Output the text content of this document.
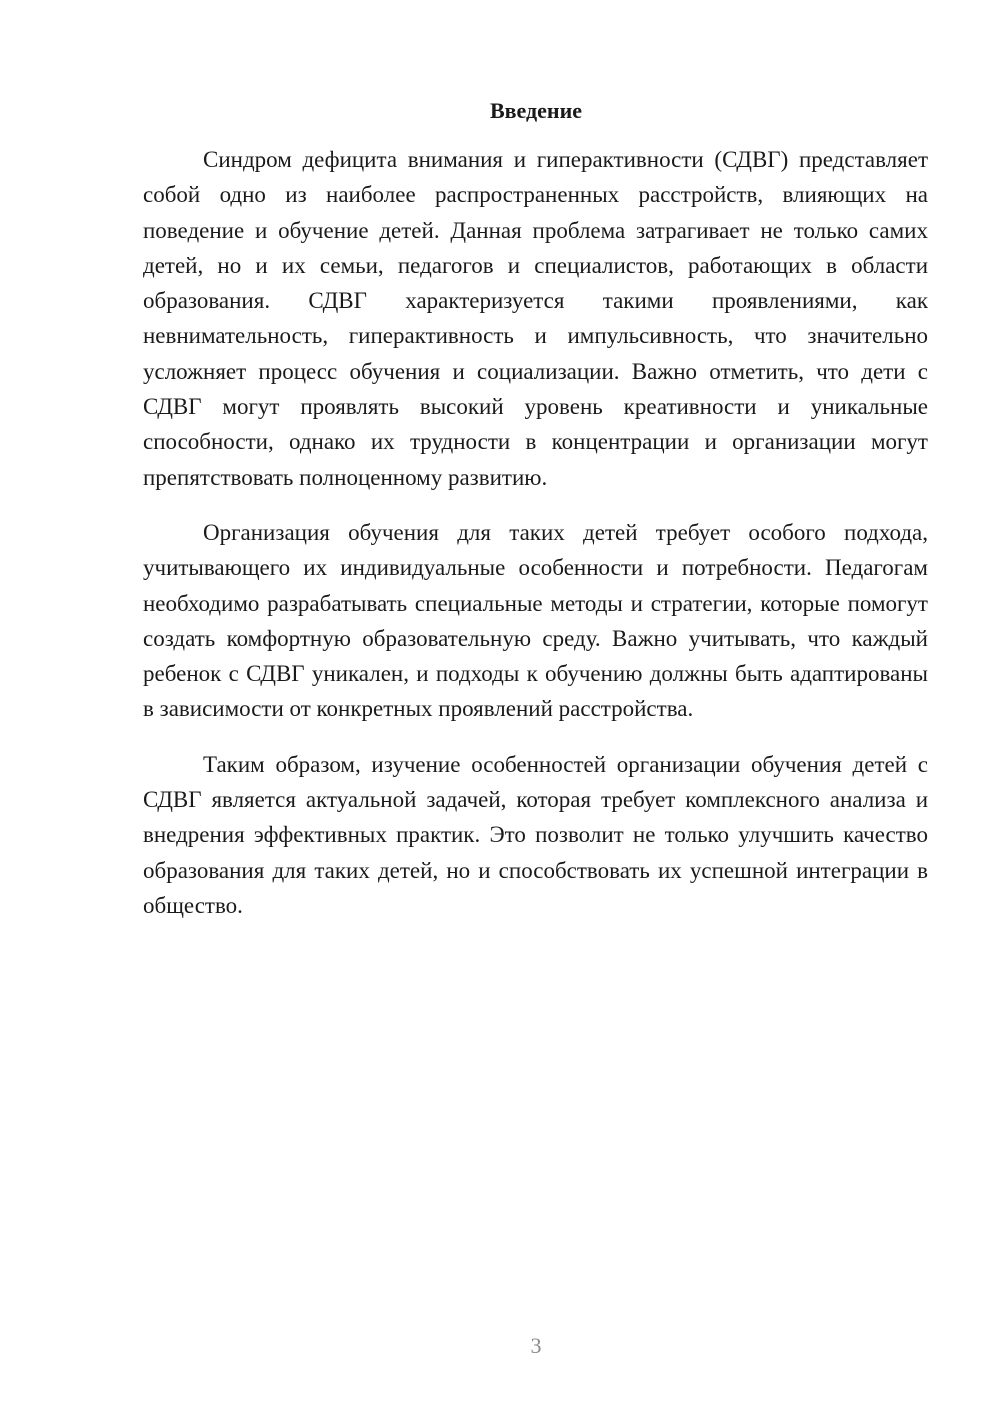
Введение

Синдром дефицита внимания и гиперактивности (СДВГ) представляет собой одно из наиболее распространенных расстройств, влияющих на поведение и обучение детей. Данная проблема затрагивает не только самих детей, но и их семьи, педагогов и специалистов, работающих в области образования. СДВГ характеризуется такими проявлениями, как невнимательность, гиперактивность и импульсивность, что значительно усложняет процесс обучения и социализации. Важно отметить, что дети с СДВГ могут проявлять высокий уровень креативности и уникальные способности, однако их трудности в концентрации и организации могут препятствовать полноценному развитию.

Организация обучения для таких детей требует особого подхода, учитывающего их индивидуальные особенности и потребности. Педагогам необходимо разрабатывать специальные методы и стратегии, которые помогут создать комфортную образовательную среду. Важно учитывать, что каждый ребенок с СДВГ уникален, и подходы к обучению должны быть адаптированы в зависимости от конкретных проявлений расстройства.

Таким образом, изучение особенностей организации обучения детей с СДВГ является актуальной задачей, которая требует комплексного анализа и внедрения эффективных практик. Это позволит не только улучшить качество образования для таких детей, но и способствовать их успешной интеграции в общество.

3
